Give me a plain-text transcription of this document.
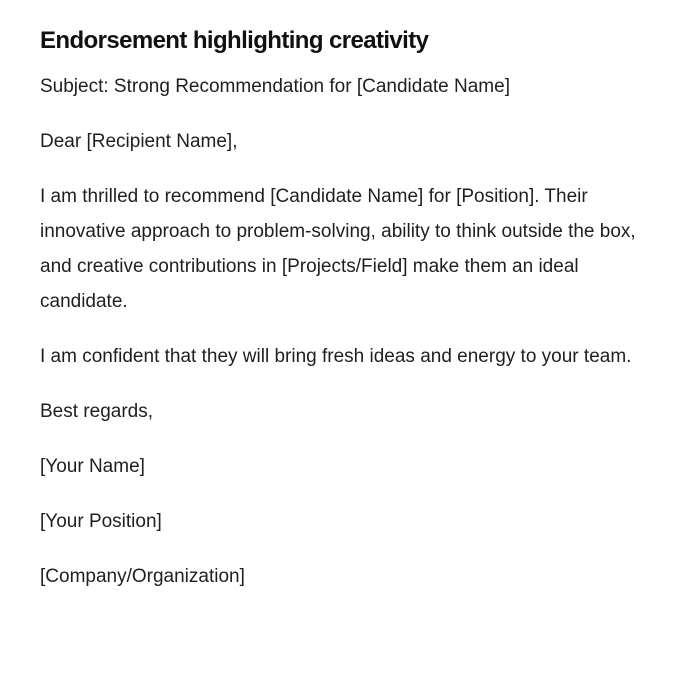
Endorsement highlighting creativity

Subject: Strong Recommendation for [Candidate Name]

Dear [Recipient Name],

I am thrilled to recommend [Candidate Name] for [Position]. Their innovative approach to problem-solving, ability to think outside the box, and creative contributions in [Projects/Field] make them an ideal candidate.

I am confident that they will bring fresh ideas and energy to your team.

Best regards,

[Your Name]

[Your Position]

[Company/Organization]
